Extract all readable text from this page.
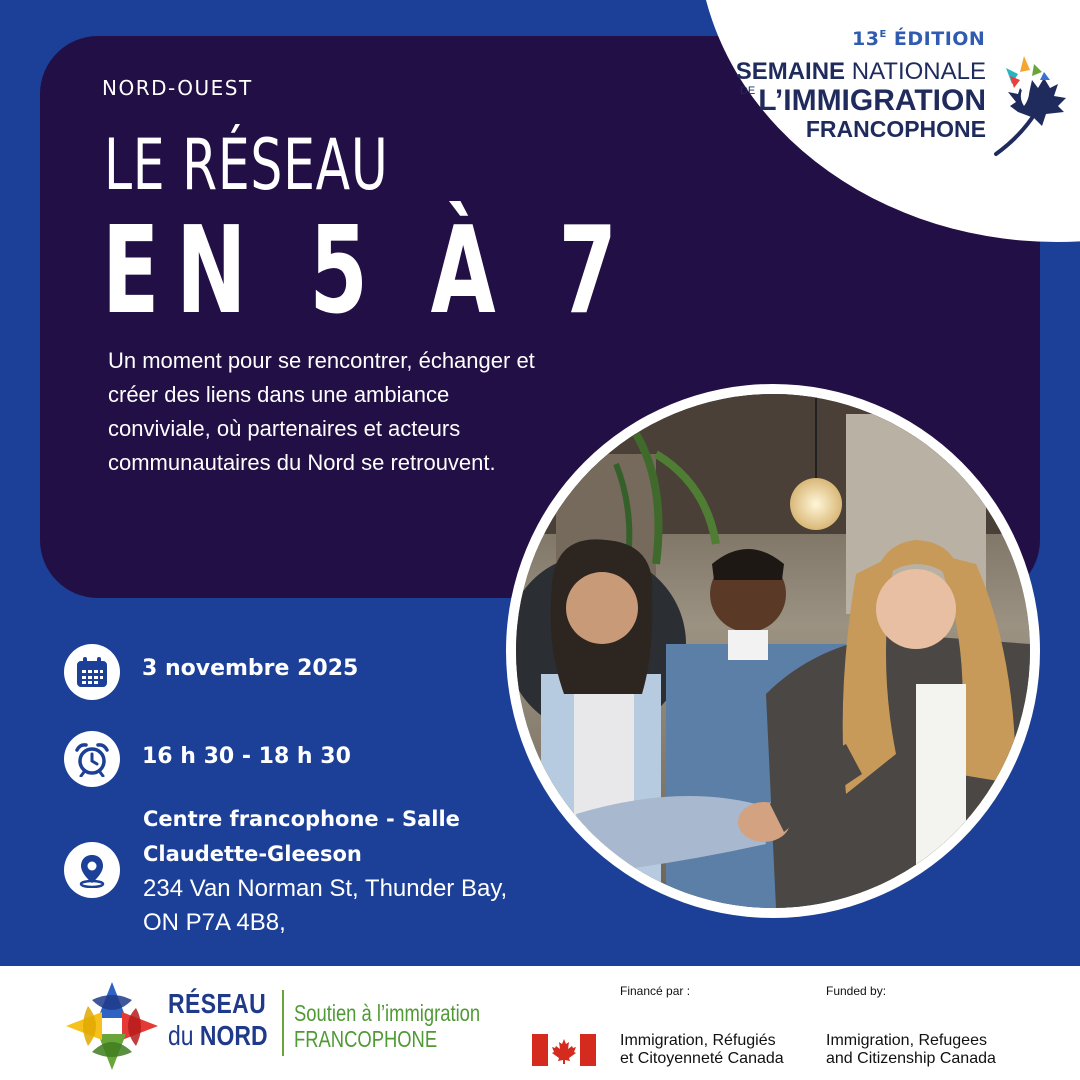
$13^E$ ÉDITION
SEMAINE NATIONALE
$^{DE}$ L’IMMIGRATION
FRANCOPHONE
NORD-OUEST
LE RÉSEAU
EN 5 À 7
Un moment pour se rencontrer, échanger et créer des liens dans une ambiance conviviale, où partenaires et acteurs communautaires du Nord se retrouvent.
3 novembre 2025
16 h 30 - 18 h 30
Centre francophone - Salle Claudette-Gleeson
234 Van Norman St, Thunder Bay, ON P7A 4B8,
RÉSEAU
du NORD
Soutien à l’immigration
FRANCOPHONE
Financé par :	Funded by:
Immigration, Réfugiés
et Citoyenneté Canada
Immigration, Refugees
and Citizenship Canada
